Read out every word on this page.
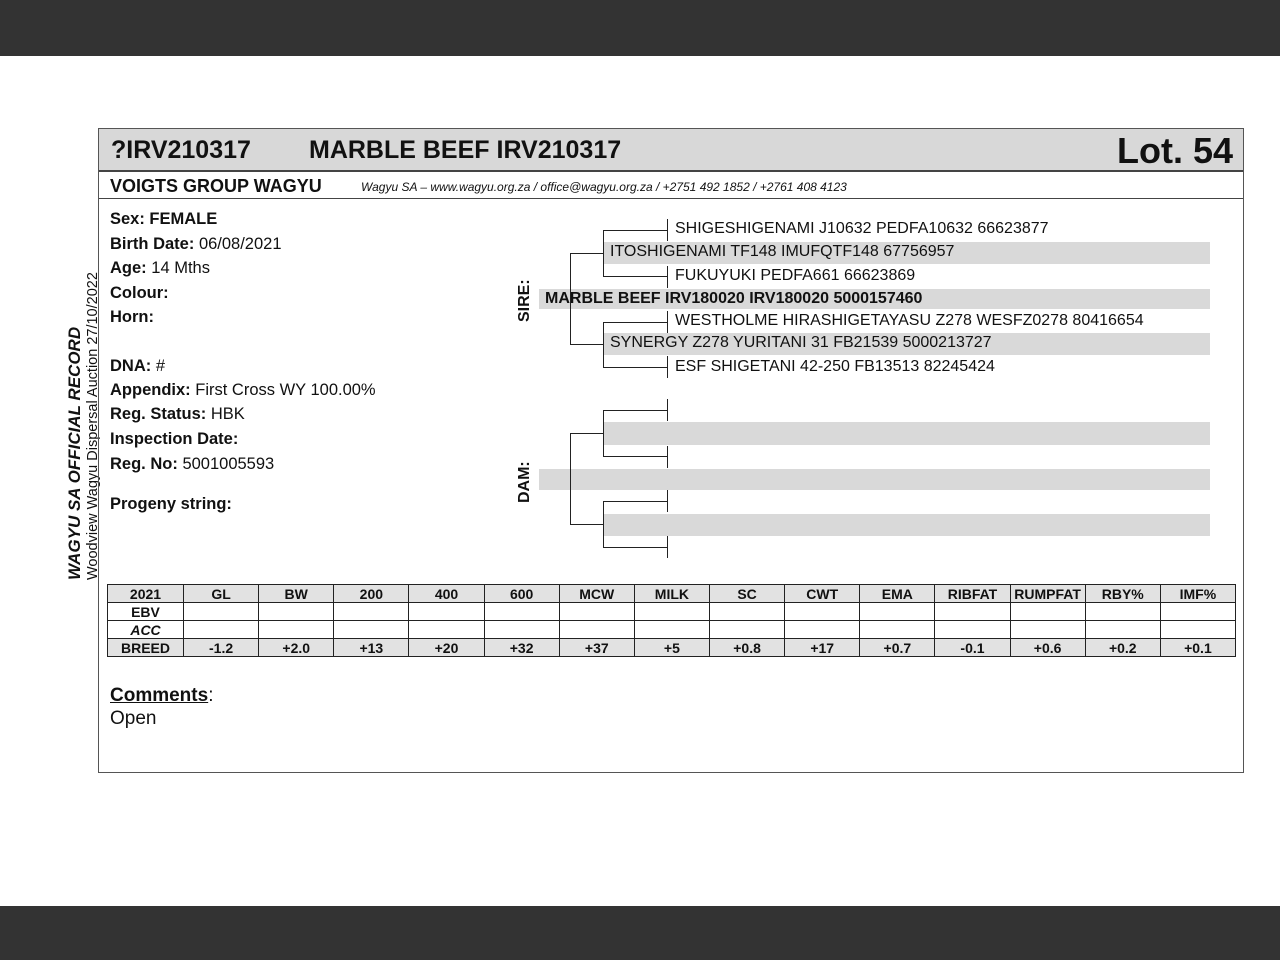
WAGYU SA OFFICIAL RECORD Woodview Wagyu Dispersal Auction 27/10/2022
?IRV210317 MARBLE BEEF IRV210317	Lot. 54
VOIGTS GROUP WAGYU	Wagyu SA – www.wagyu.org.za / office@wagyu.org.za / +2751 492 1852 / +2761 408 4123
Sex: FEMALE
Birth Date: 06/08/2021
Age: 14 Mths
Colour:
Horn:
DNA: #
Appendix: First Cross WY 100.00%
Reg. Status: HBK
Inspection Date:
Reg. No: 5001005593
Progeny string:
SIRE:
DAM:
SHIGESHIGENAMI J10632 PEDFA10632 66623877
ITOSHIGENAMI TF148 IMUFQTF148 67756957
FUKUYUKI PEDFA661 66623869
MARBLE BEEF IRV180020 IRV180020 5000157460
WESTHOLME HIRASHIGETAYASU Z278 WESFZ0278 80416654
SYNERGY Z278 YURITANI 31 FB21539 5000213727
ESF SHIGETANI 42-250 FB13513 82245424
2021	GL	BW	200	400	600	MCW	MILK	SC	CWT	EMA	RIBFAT	RUMPFAT	RBY%	IMF%
EBV														
ACC														
BREED	-1.2	+2.0	+13	+20	+32	+37	+5	+0.8	+17	+0.7	-0.1	+0.6	+0.2	+0.1
Comments:
Open
